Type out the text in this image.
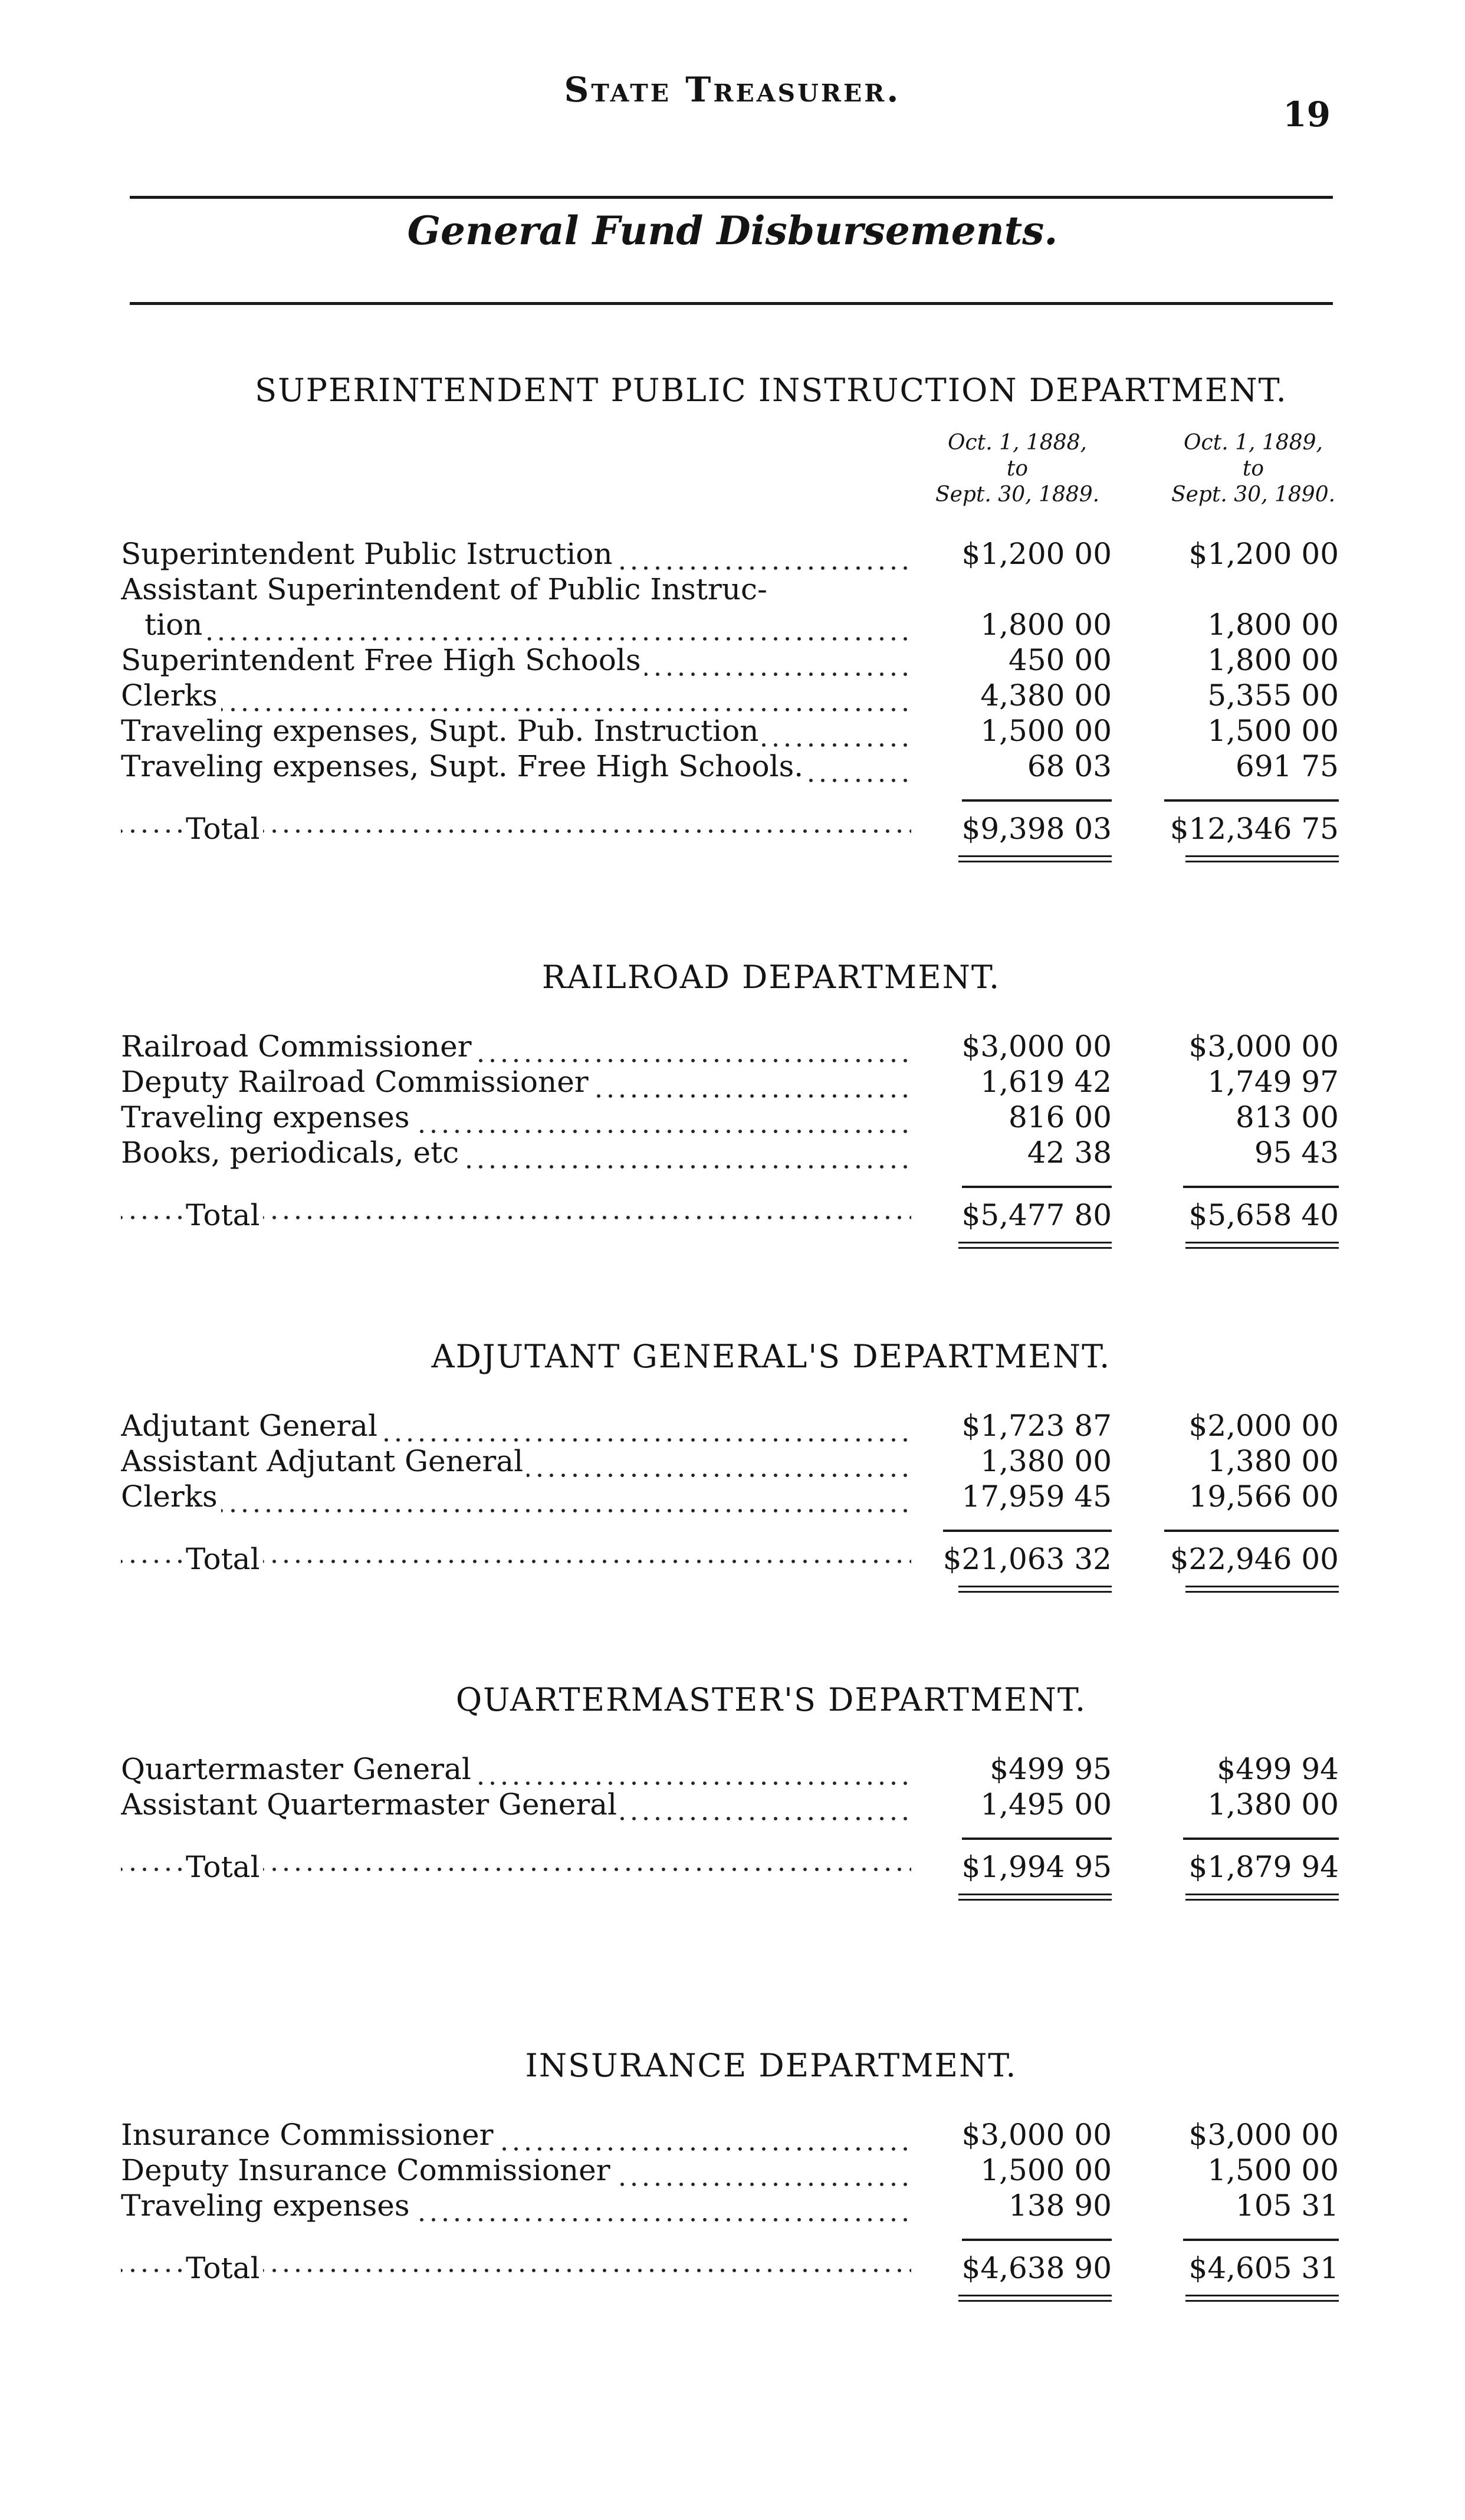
State Treasurer.
19
General Fund Disbursements.
SUPERINTENDENT PUBLIC INSTRUCTION DEPARTMENT.
Oct. 1, 1888,
to
Sept. 30, 1889.
Oct. 1, 1889,
to
Sept. 30, 1890.
Superintendent Public Istruction	$1,200 00	$1,200 00
Assistant Superintendent of Public Instruc-		
tion	1,800 00	1,800 00
Superintendent Free High Schools	450 00	1,800 00
Clerks	4,380 00	5,355 00
Traveling expenses, Supt. Pub. Instruction	1,500 00	1,500 00
Traveling expenses, Supt. Free High Schools.	68 03	691 75
Total	$9,398 03	$12,346 75

RAILROAD DEPARTMENT.
Railroad Commissioner	$3,000 00	$3,000 00
Deputy Railroad Commissioner	1,619 42	1,749 97
Traveling expenses	816 00	813 00
Books, periodicals, etc	42 38	95 43
Total	$5,477 80	$5,658 40

ADJUTANT GENERAL'S DEPARTMENT.
Adjutant General	$1,723 87	$2,000 00
Assistant Adjutant General	1,380 00	1,380 00
Clerks	17,959 45	19,566 00
Total	$21,063 32	$22,946 00

QUARTERMASTER'S DEPARTMENT.
Quartermaster General	$499 95	$499 94
Assistant Quartermaster General	1,495 00	1,380 00
Total	$1,994 95	$1,879 94

INSURANCE DEPARTMENT.
Insurance Commissioner	$3,000 00	$3,000 00
Deputy Insurance Commissioner	1,500 00	1,500 00
Traveling expenses	138 90	105 31
Total	$4,638 90	$4,605 31
